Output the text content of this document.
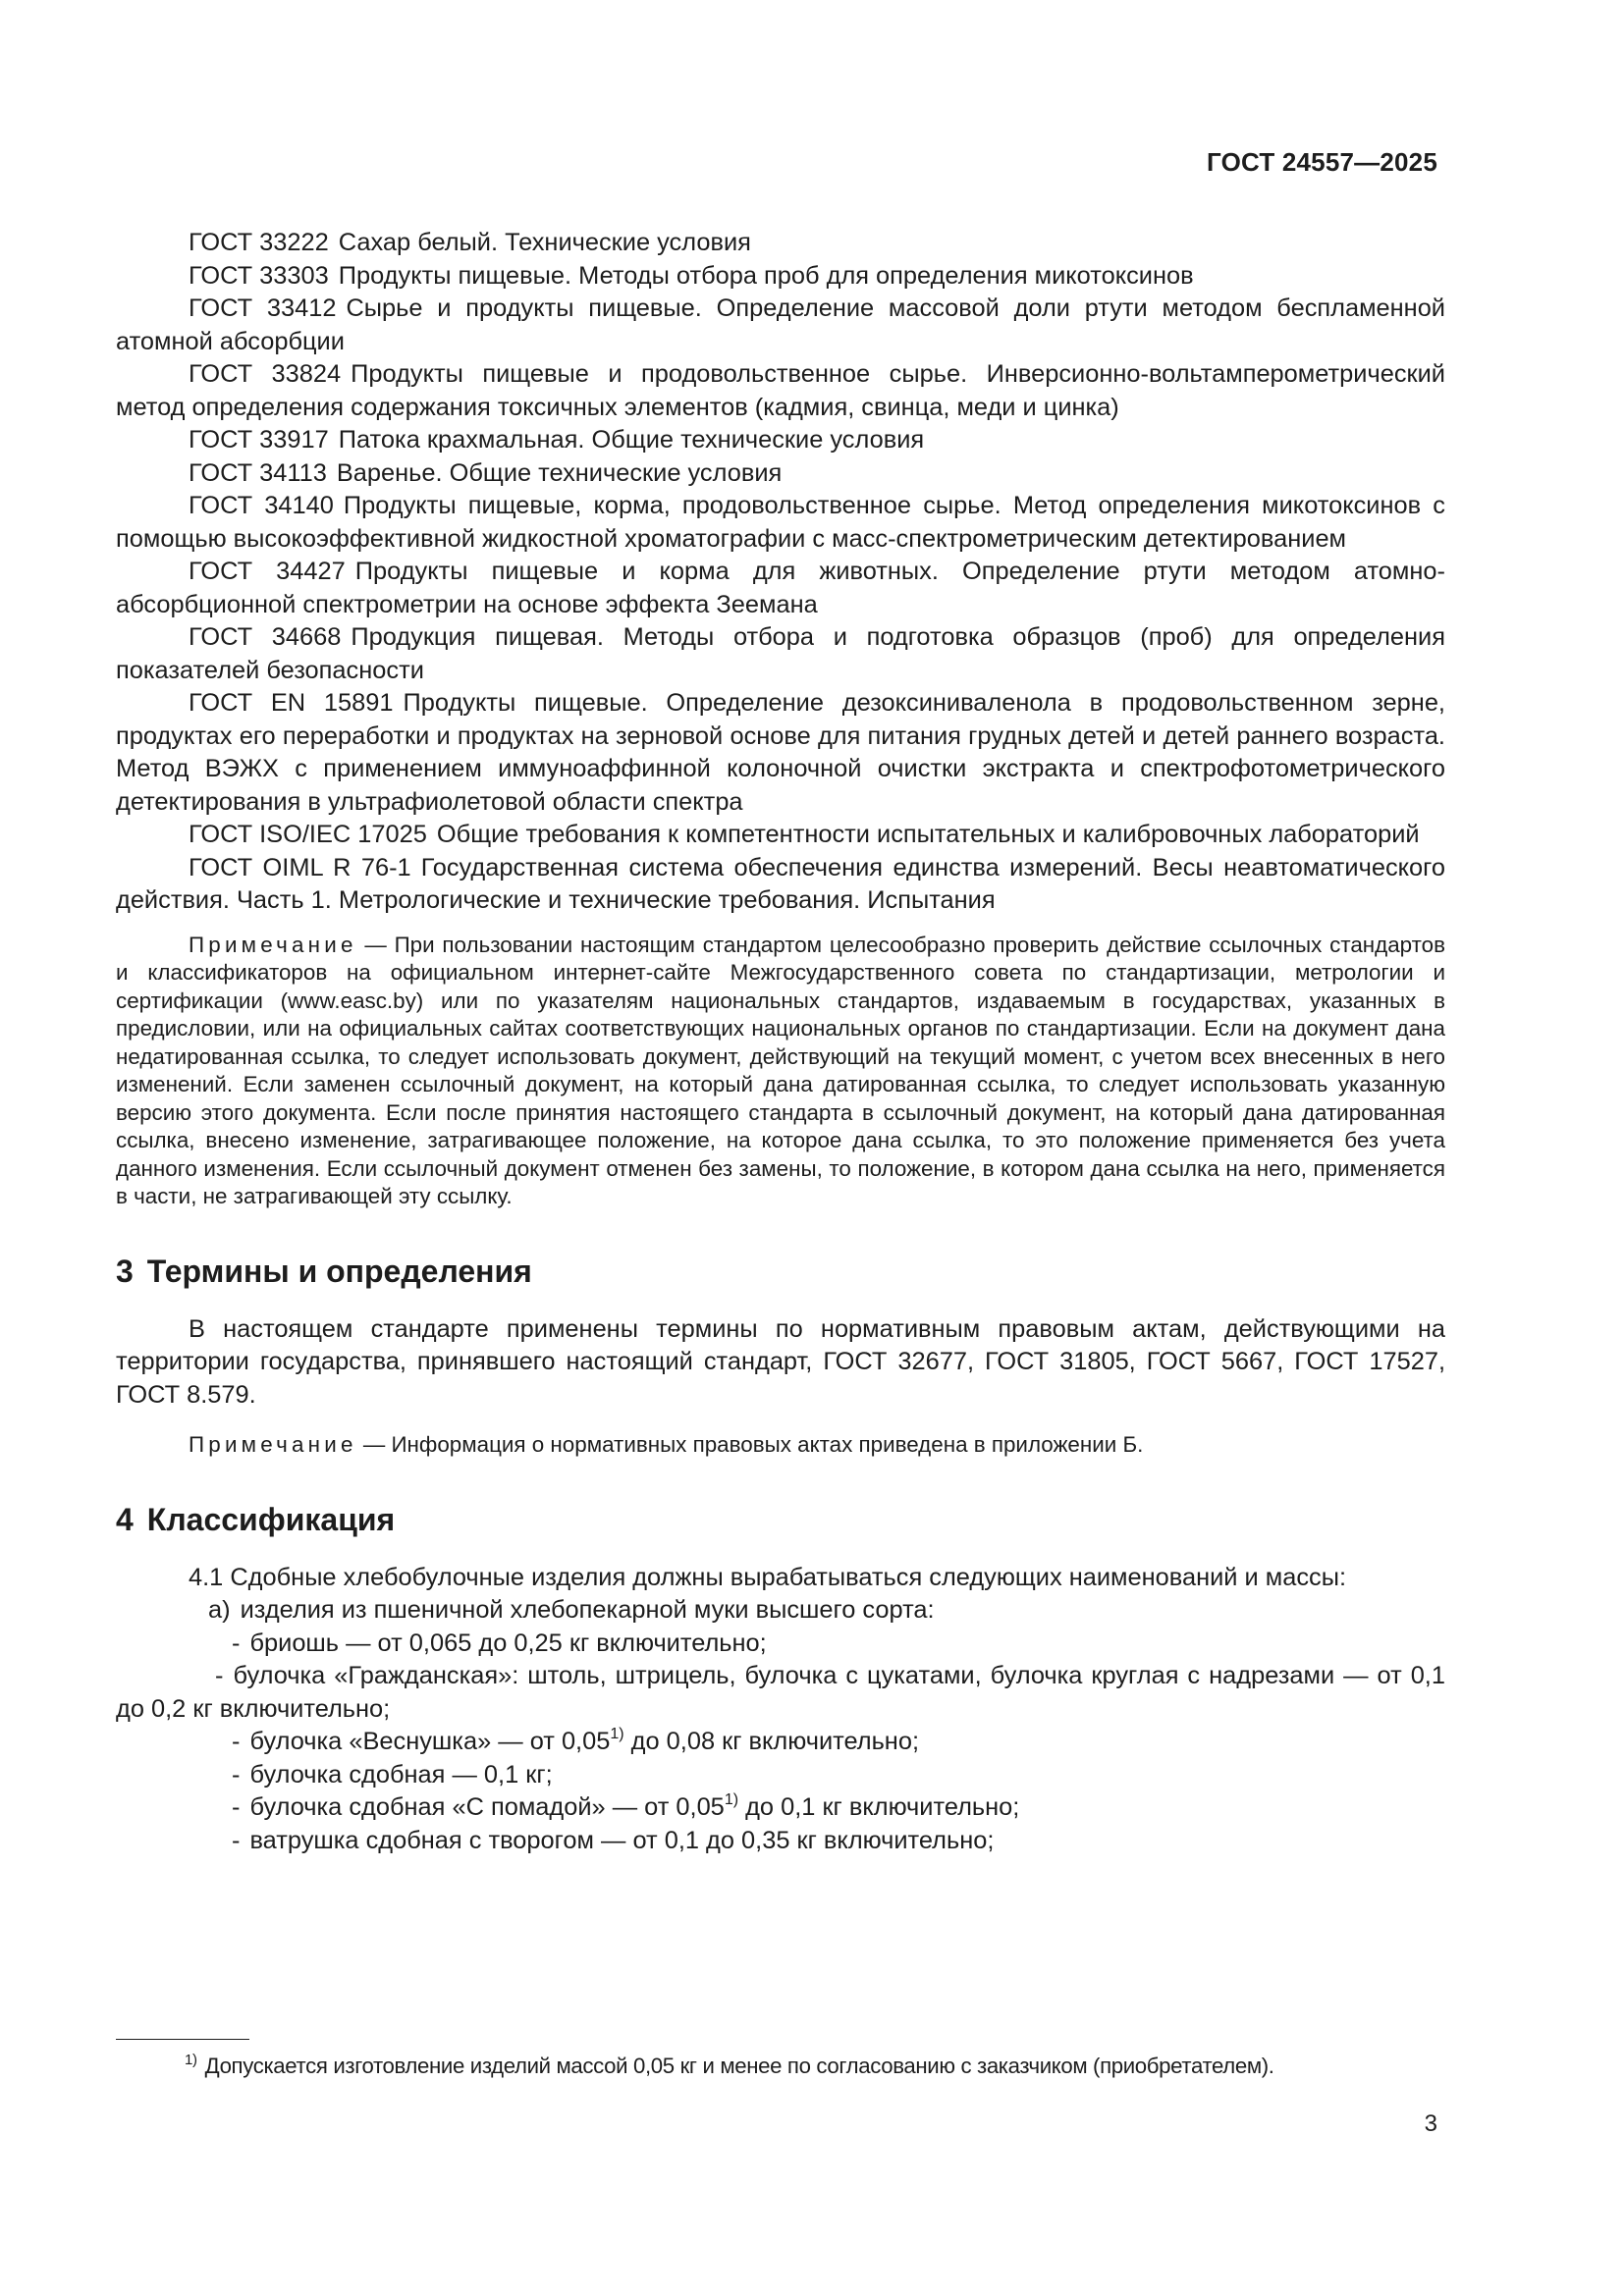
ГОСТ 24557—2025

ГОСТ 33222 Сахар белый. Технические условия

ГОСТ 33303 Продукты пищевые. Методы отбора проб для определения микотоксинов

ГОСТ 33412 Сырье и продукты пищевые. Определение массовой доли ртути методом беспламенной атомной абсорбции

ГОСТ 33824 Продукты пищевые и продовольственное сырье. Инверсионно-вольтамперометрический метод определения содержания токсичных элементов (кадмия, свинца, меди и цинка)

ГОСТ 33917 Патока крахмальная. Общие технические условия

ГОСТ 34113 Варенье. Общие технические условия

ГОСТ 34140 Продукты пищевые, корма, продовольственное сырье. Метод определения микотоксинов с помощью высокоэффективной жидкостной хроматографии с масс-спектрометрическим детектированием

ГОСТ 34427 Продукты пищевые и корма для животных. Определение ртути методом атомно-абсорбционной спектрометрии на основе эффекта Зеемана

ГОСТ 34668 Продукция пищевая. Методы отбора и подготовка образцов (проб) для определения показателей безопасности

ГОСТ EN 15891 Продукты пищевые. Определение дезоксиниваленола в продовольственном зерне, продуктах его переработки и продуктах на зерновой основе для питания грудных детей и детей раннего возраста. Метод ВЭЖХ с применением иммуноаффинной колоночной очистки экстракта и спектрофотометрического детектирования в ультрафиолетовой области спектра

ГОСТ ISO/IEC 17025 Общие требования к компетентности испытательных и калибровочных лабораторий

ГОСТ OIML R 76-1 Государственная система обеспечения единства измерений. Весы неавтоматического действия. Часть 1. Метрологические и технические требования. Испытания

Примечание — При пользовании настоящим стандартом целесообразно проверить действие ссылочных стандартов и классификаторов на официальном интернет-сайте Межгосударственного совета по стандартизации, метрологии и сертификации (www.easc.by) или по указателям национальных стандартов, издаваемым в государствах, указанных в предисловии, или на официальных сайтах соответствующих национальных органов по стандартизации. Если на документ дана недатированная ссылка, то следует использовать документ, действующий на текущий момент, с учетом всех внесенных в него изменений. Если заменен ссылочный документ, на который дана датированная ссылка, то следует использовать указанную версию этого документа. Если после принятия настоящего стандарта в ссылочный документ, на который дана датированная ссылка, внесено изменение, затрагивающее положение, на которое дана ссылка, то это положение применяется без учета данного изменения. Если ссылочный документ отменен без замены, то положение, в котором дана ссылка на него, применяется в части, не затрагивающей эту ссылку.

3 Термины и определения

В настоящем стандарте применены термины по нормативным правовым актам, действующими на территории государства, принявшего настоящий стандарт, ГОСТ 32677, ГОСТ 31805, ГОСТ 5667, ГОСТ 17527, ГОСТ 8.579.

Примечание — Информация о нормативных правовых актах приведена в приложении Б.

4 Классификация

4.1 Сдобные хлебобулочные изделия должны вырабатываться следующих наименований и массы:

а) изделия из пшеничной хлебопекарной муки высшего сорта:

- бриошь — от 0,065 до 0,25 кг включительно;

- булочка «Гражданская»: штоль, штрицель, булочка с цукатами, булочка круглая с надрезами — от 0,1 до 0,2 кг включительно;

- булочка «Веснушка» — от 0,05$^{1)}$ до 0,08 кг включительно;

- булочка сдобная — 0,1 кг;

- булочка сдобная «С помадой» — от 0,05$^{1)}$ до 0,1 кг включительно;

- ватрушка сдобная с творогом — от 0,1 до 0,35 кг включительно;

$^{1)}$ Допускается изготовление изделий массой 0,05 кг и менее по согласованию с заказчиком (приобретателем).
3
